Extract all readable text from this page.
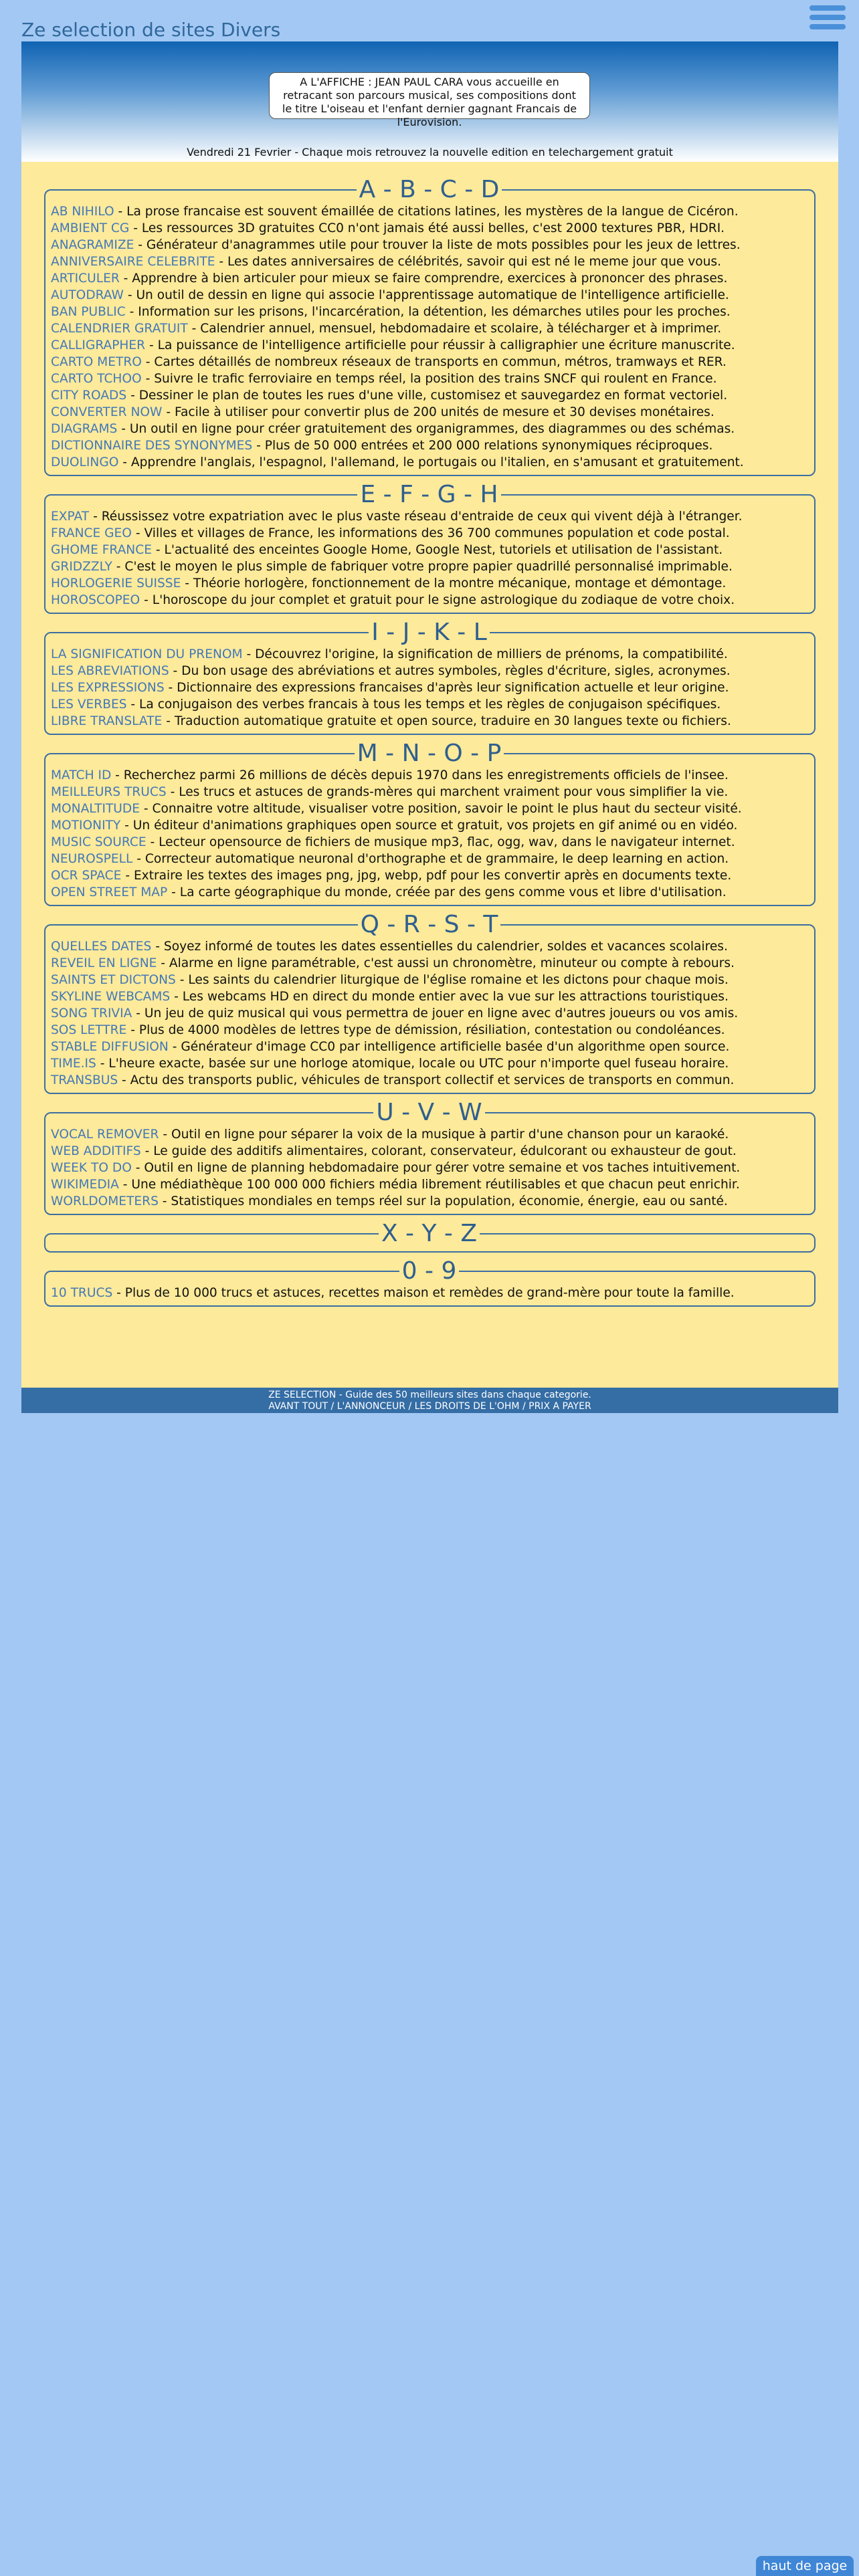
Ze selection de sites Divers
A L'AFFICHE : JEAN PAUL CARA vous accueille en retracant son parcours musical, ses compositions dont le titre L'oiseau et l'enfant dernier gagnant Francais de l'Eurovision.
Vendredi 21 Fevrier - Chaque mois retrouvez la nouvelle edition en telechargement gratuit
A - B - C - D
AB NIHILO - La prose francaise est souvent émaillée de citations latines, les mystères de la langue de Cicéron.
AMBIENT CG - Les ressources 3D gratuites CC0 n'ont jamais été aussi belles, c'est 2000 textures PBR, HDRI.
ANAGRAMIZE - Générateur d'anagrammes utile pour trouver la liste de mots possibles pour les jeux de lettres.
ANNIVERSAIRE CELEBRITE - Les dates anniversaires de célébrités, savoir qui est né le meme jour que vous.
ARTICULER - Apprendre à bien articuler pour mieux se faire comprendre, exercices à prononcer des phrases.
AUTODRAW - Un outil de dessin en ligne qui associe l'apprentissage automatique de l'intelligence artificielle.
BAN PUBLIC - Information sur les prisons, l'incarcération, la détention, les démarches utiles pour les proches.
CALENDRIER GRATUIT - Calendrier annuel, mensuel, hebdomadaire et scolaire, à télécharger et à imprimer.
CALLIGRAPHER - La puissance de l'intelligence artificielle pour réussir à calligraphier une écriture manuscrite.
CARTO METRO - Cartes détaillés de nombreux réseaux de transports en commun, métros, tramways et RER.
CARTO TCHOO - Suivre le trafic ferroviaire en temps réel, la position des trains SNCF qui roulent en France.
CITY ROADS - Dessiner le plan de toutes les rues d'une ville, customisez et sauvegardez en format vectoriel.
CONVERTER NOW - Facile à utiliser pour convertir plus de 200 unités de mesure et 30 devises monétaires.
DIAGRAMS - Un outil en ligne pour créer gratuitement des organigrammes, des diagrammes ou des schémas.
DICTIONNAIRE DES SYNONYMES - Plus de 50 000 entrées et 200 000 relations synonymiques réciproques.
DUOLINGO - Apprendre l'anglais, l'espagnol, l'allemand, le portugais ou l'italien, en s'amusant et gratuitement.
E - F - G - H
EXPAT - Réussissez votre expatriation avec le plus vaste réseau d'entraide de ceux qui vivent déjà à l'étranger.
FRANCE GEO - Villes et villages de France, les informations des 36 700 communes population et code postal.
GHOME FRANCE - L'actualité des enceintes Google Home, Google Nest, tutoriels et utilisation de l'assistant.
GRIDZZLY - C'est le moyen le plus simple de fabriquer votre propre papier quadrillé personnalisé imprimable.
HORLOGERIE SUISSE - Théorie horlogère, fonctionnement de la montre mécanique, montage et démontage.
HOROSCOPEO - L'horoscope du jour complet et gratuit pour le signe astrologique du zodiaque de votre choix.
I - J - K - L
LA SIGNIFICATION DU PRENOM - Découvrez l'origine, la signification de milliers de prénoms, la compatibilité.
LES ABREVIATIONS - Du bon usage des abréviations et autres symboles, règles d'écriture, sigles, acronymes.
LES EXPRESSIONS - Dictionnaire des expressions francaises d'après leur signification actuelle et leur origine.
LES VERBES - La conjugaison des verbes francais à tous les temps et les règles de conjugaison spécifiques.
LIBRE TRANSLATE - Traduction automatique gratuite et open source, traduire en 30 langues texte ou fichiers.
M - N - O - P
MATCH ID - Recherchez parmi 26 millions de décès depuis 1970 dans les enregistrements officiels de l'insee.
MEILLEURS TRUCS - Les trucs et astuces de grands-mères qui marchent vraiment pour vous simplifier la vie.
MONALTITUDE - Connaitre votre altitude, visualiser votre position, savoir le point le plus haut du secteur visité.
MOTIONITY - Un éditeur d'animations graphiques open source et gratuit, vos projets en gif animé ou en vidéo.
MUSIC SOURCE - Lecteur opensource de fichiers de musique mp3, flac, ogg, wav, dans le navigateur internet.
NEUROSPELL - Correcteur automatique neuronal d'orthographe et de grammaire, le deep learning en action.
OCR SPACE - Extraire les textes des images png, jpg, webp, pdf pour les convertir après en documents texte.
OPEN STREET MAP - La carte géographique du monde, créée par des gens comme vous et libre d'utilisation.
Q - R - S - T
QUELLES DATES - Soyez informé de toutes les dates essentielles du calendrier, soldes et vacances scolaires.
REVEIL EN LIGNE - Alarme en ligne paramétrable, c'est aussi un chronomètre, minuteur ou compte à rebours.
SAINTS ET DICTONS - Les saints du calendrier liturgique de l'église romaine et les dictons pour chaque mois.
SKYLINE WEBCAMS - Les webcams HD en direct du monde entier avec la vue sur les attractions touristiques.
SONG TRIVIA - Un jeu de quiz musical qui vous permettra de jouer en ligne avec d'autres joueurs ou vos amis.
SOS LETTRE - Plus de 4000 modèles de lettres type de démission, résiliation, contestation ou condoléances.
STABLE DIFFUSION - Générateur d'image CC0 par intelligence artificielle basée d'un algorithme open source.
TIME.IS - L'heure exacte, basée sur une horloge atomique, locale ou UTC pour n'importe quel fuseau horaire.
TRANSBUS - Actu des transports public, véhicules de transport collectif et services de transports en commun.
U - V - W
VOCAL REMOVER - Outil en ligne pour séparer la voix de la musique à partir d'une chanson pour un karaoké.
WEB ADDITIFS - Le guide des additifs alimentaires, colorant, conservateur, édulcorant ou exhausteur de gout.
WEEK TO DO - Outil en ligne de planning hebdomadaire pour gérer votre semaine et vos taches intuitivement.
WIKIMEDIA - Une médiathèque 100 000 000 fichiers média librement réutilisables et que chacun peut enrichir.
WORLDOMETERS - Statistiques mondiales en temps réel sur la population, économie, énergie, eau ou santé.
X - Y - Z
0 - 9
10 TRUCS - Plus de 10 000 trucs et astuces, recettes maison et remèdes de grand-mère pour toute la famille.
ZE SELECTION - Guide des 50 meilleurs sites dans chaque categorie.
AVANT TOUT / L'ANNONCEUR / LES DROITS DE L'OHM / PRIX A PAYER
haut de page
